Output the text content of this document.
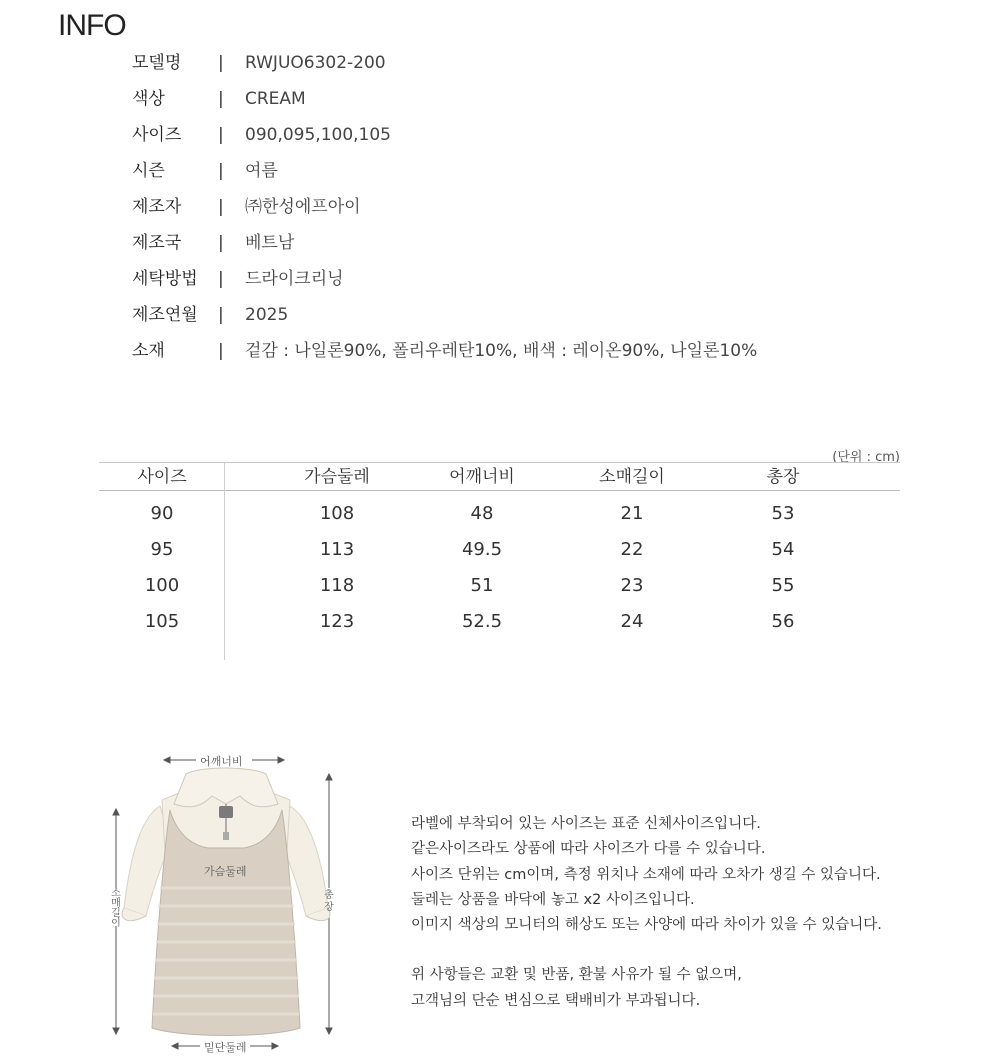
INFO
모델명	| RWJUO6302-200
색상	| CREAM
사이즈	| 090,095,100,105
시즌	| 여름
제조자	| ㈜한성에프아이
제조국	| 베트남
세탁방법	| 드라이크리닝
제조연월	| 2025
소재	| 겉감 : 나일론90%, 폴리우레탄10%, 배색 : 레이온90%, 나일론10%
(단위 : cm)
사이즈	가슴둘레	어깨너비	소매길이	총장
90	108	48	21	53
95	113	49.5	22	54
100	118	51	23	55
105	123	52.5	24	56
어깨너비
가슴둘레
소매길이
총장
밑단둘레
라벨에 부착되어 있는 사이즈는 표준 신체사이즈입니다.
같은사이즈라도 상품에 따라 사이즈가 다를 수 있습니다.
사이즈 단위는 cm이며, 측정 위치나 소재에 따라 오차가 생길 수 있습니다.
둘레는 상품을 바닥에 놓고 x2 사이즈입니다.
이미지 색상의 모니터의 해상도 또는 사양에 따라 차이가 있을 수 있습니다.
위 사항들은 교환 및 반품, 환불 사유가 될 수 없으며,
고객님의 단순 변심으로 택배비가 부과됩니다.
